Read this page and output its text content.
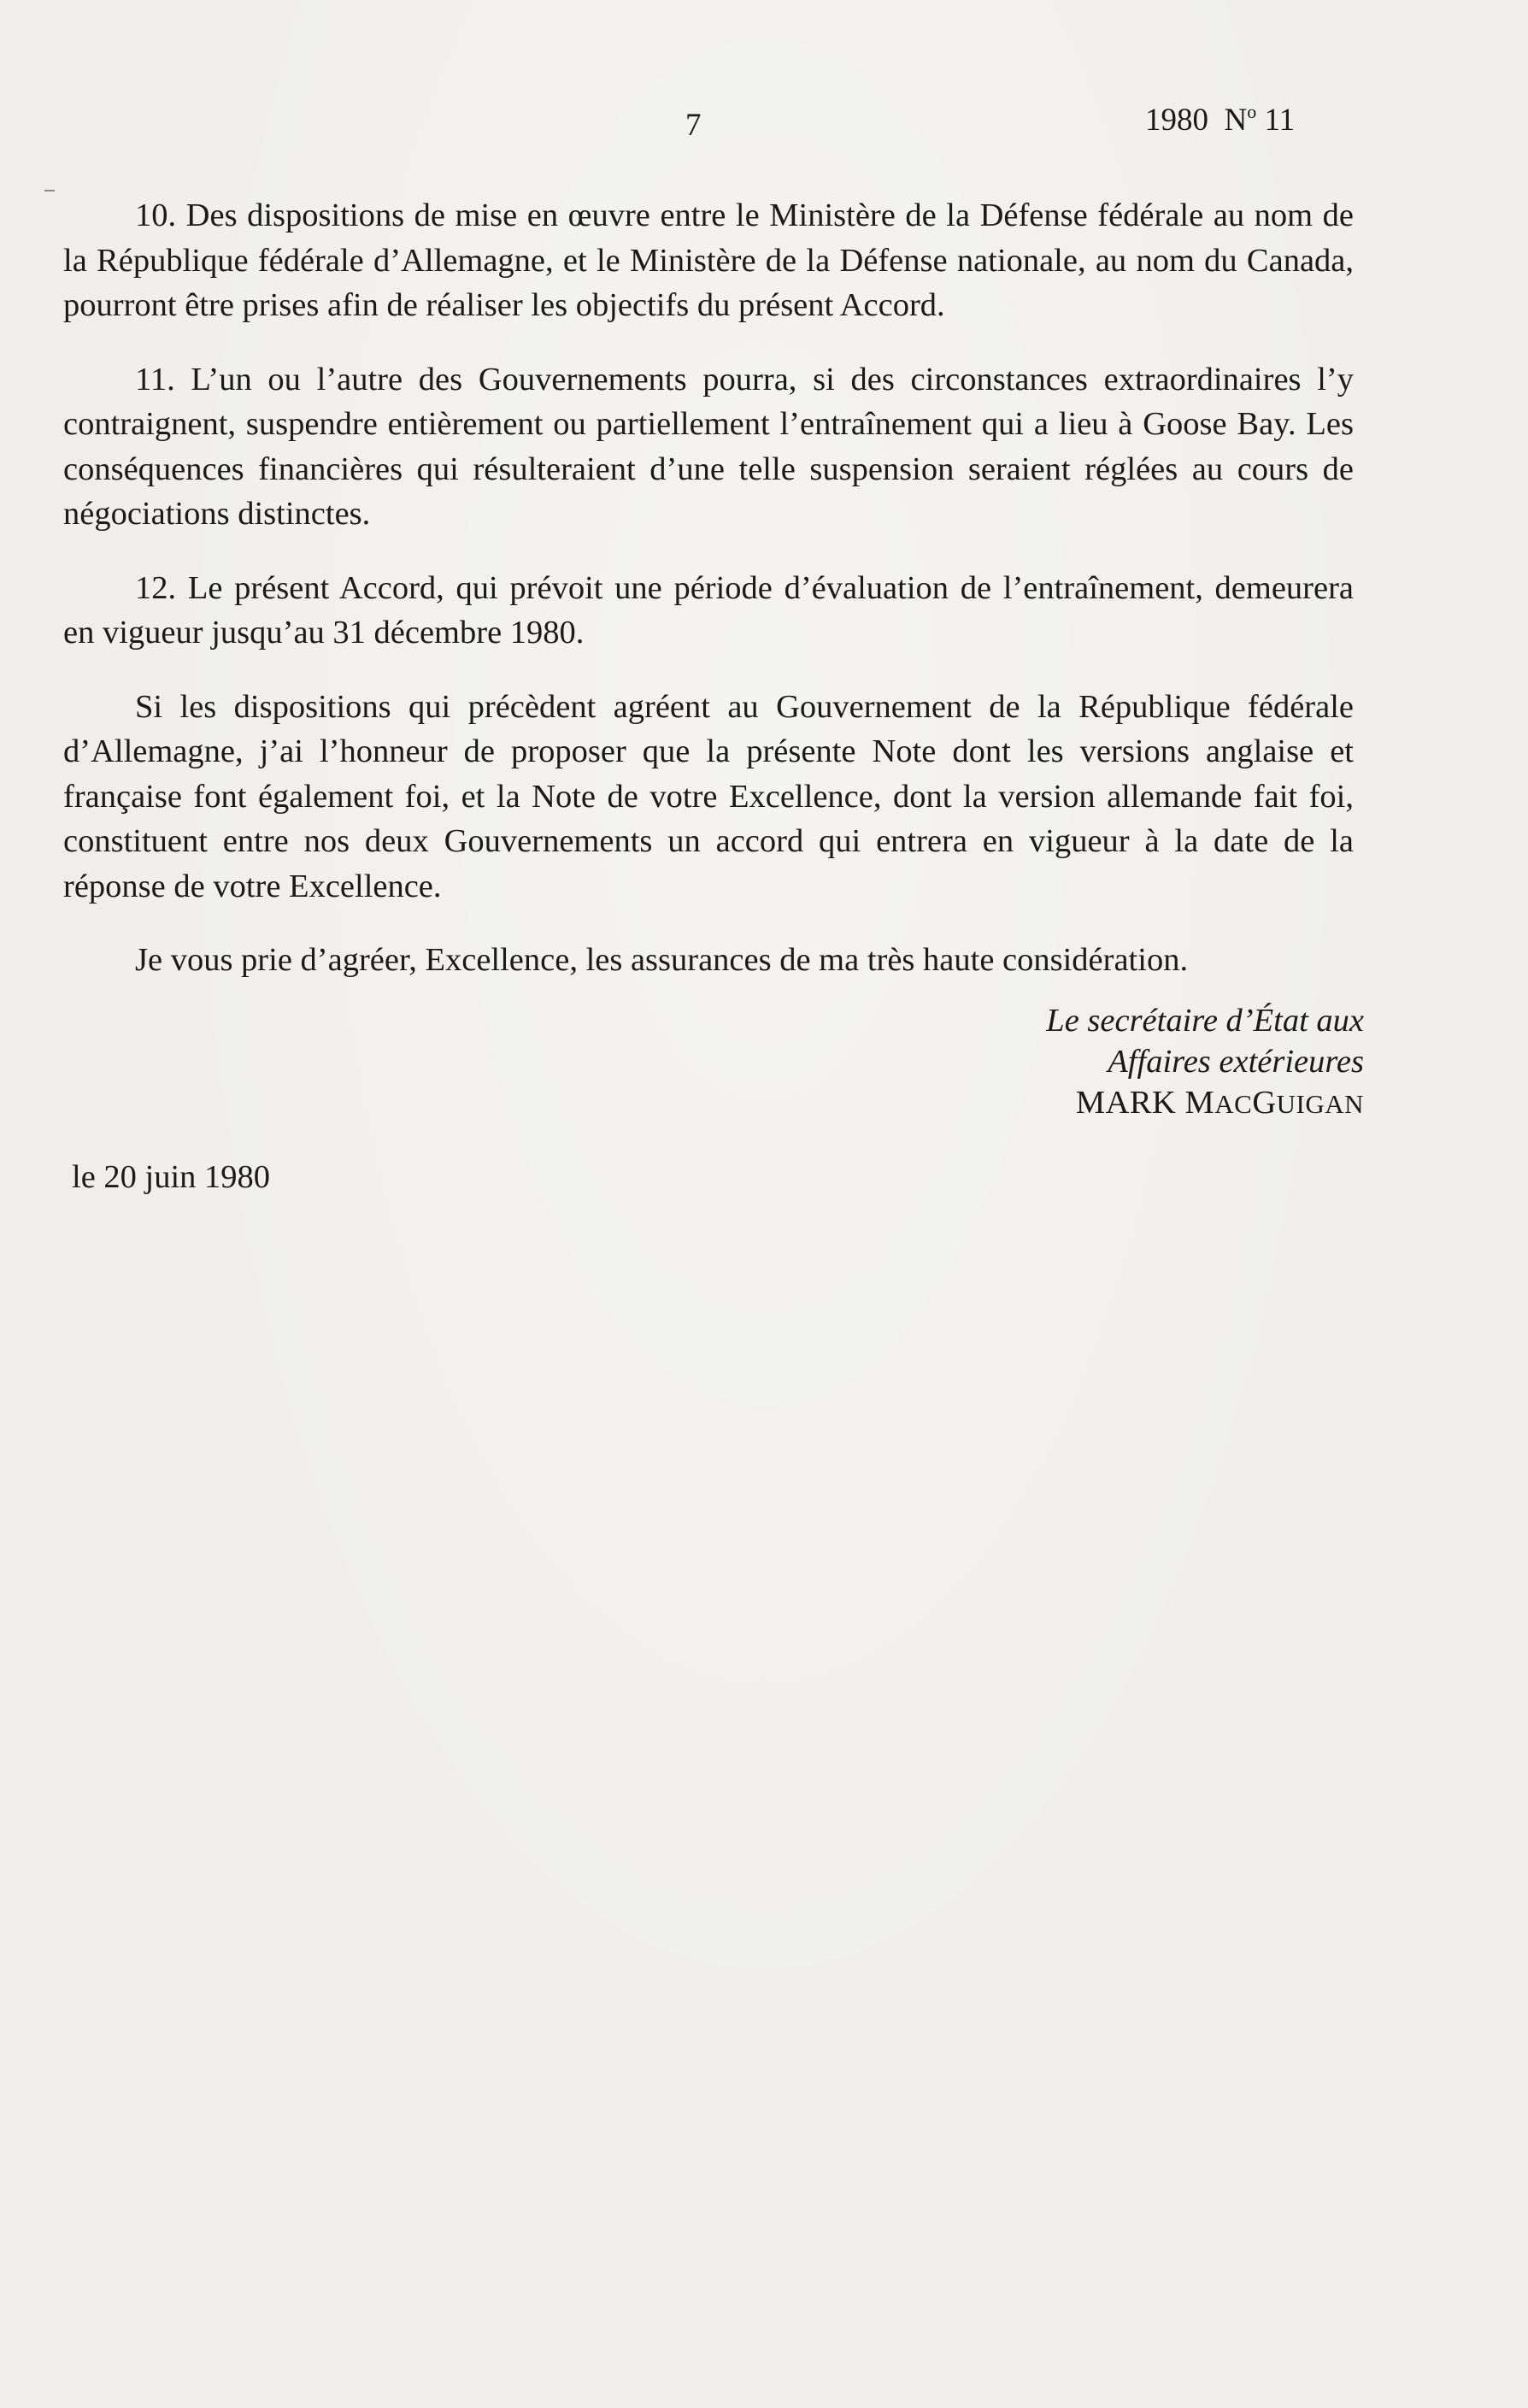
7	1980 $N^o$ 11

10. Des dispositions de mise en œuvre entre le Ministère de la Défense fédérale au nom de la République fédérale d’Allemagne, et le Ministère de la Défense nationale, au nom du Canada, pourront être prises afin de réaliser les objectifs du présent Accord.

11. L’un ou l’autre des Gouvernements pourra, si des circonstances extraordinaires l’y contraignent, suspendre entièrement ou partiellement l’entraînement qui a lieu à Goose Bay. Les conséquences financières qui résulteraient d’une telle suspension seraient réglées au cours de négociations distinctes.

12. Le présent Accord, qui prévoit une période d’évaluation de l’entraînement, demeurera en vigueur jusqu’au 31 décembre 1980.

Si les dispositions qui précèdent agréent au Gouvernement de la République fédérale d’Allemagne, j’ai l’honneur de proposer que la présente Note dont les versions anglaise et française font également foi, et la Note de votre Excellence, dont la version allemande fait foi, constituent entre nos deux Gouvernements un accord qui entrera en vigueur à la date de la réponse de votre Excellence.

Je vous prie d’agréer, Excellence, les assurances de ma très haute considération.

Le secrétaire d’État aux
Affaires extérieures
MARK MACGUIGAN
le 20 juin 1980
